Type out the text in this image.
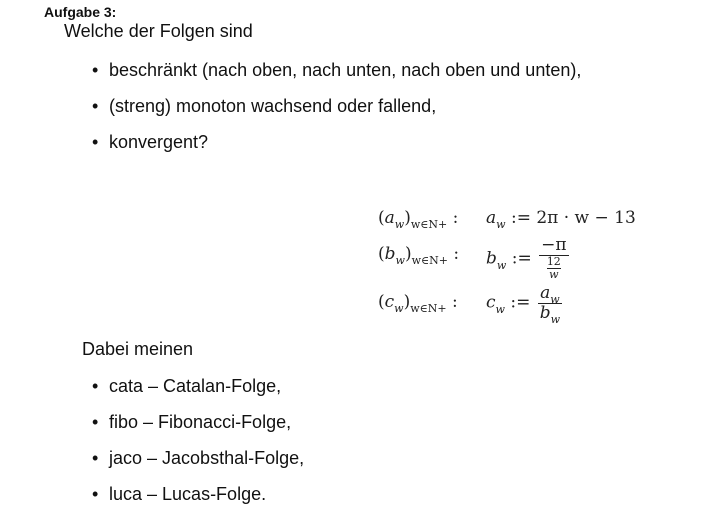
Aufgabe 3:
Welche der Folgen sind
• beschränkt (nach oben, nach unten, nach oben und unten),
• (streng) monoton wachsend oder fallend,
• konvergent?
$(a_w)_{w\in N+}$ : $a_w$ := 2π · w − 13
$(b_w)_{w\in N+}$ : $b_w$ := $\frac{-\pi}{\frac{12}{w}}$
$(c_w)_{w\in N+}$ : $c_w$ := $\frac{a_w}{b_w}$
Dabei meinen
• cata – Catalan-Folge,
• fibo – Fibonacci-Folge,
• jaco – Jacobsthal-Folge,
• luca – Lucas-Folge.
